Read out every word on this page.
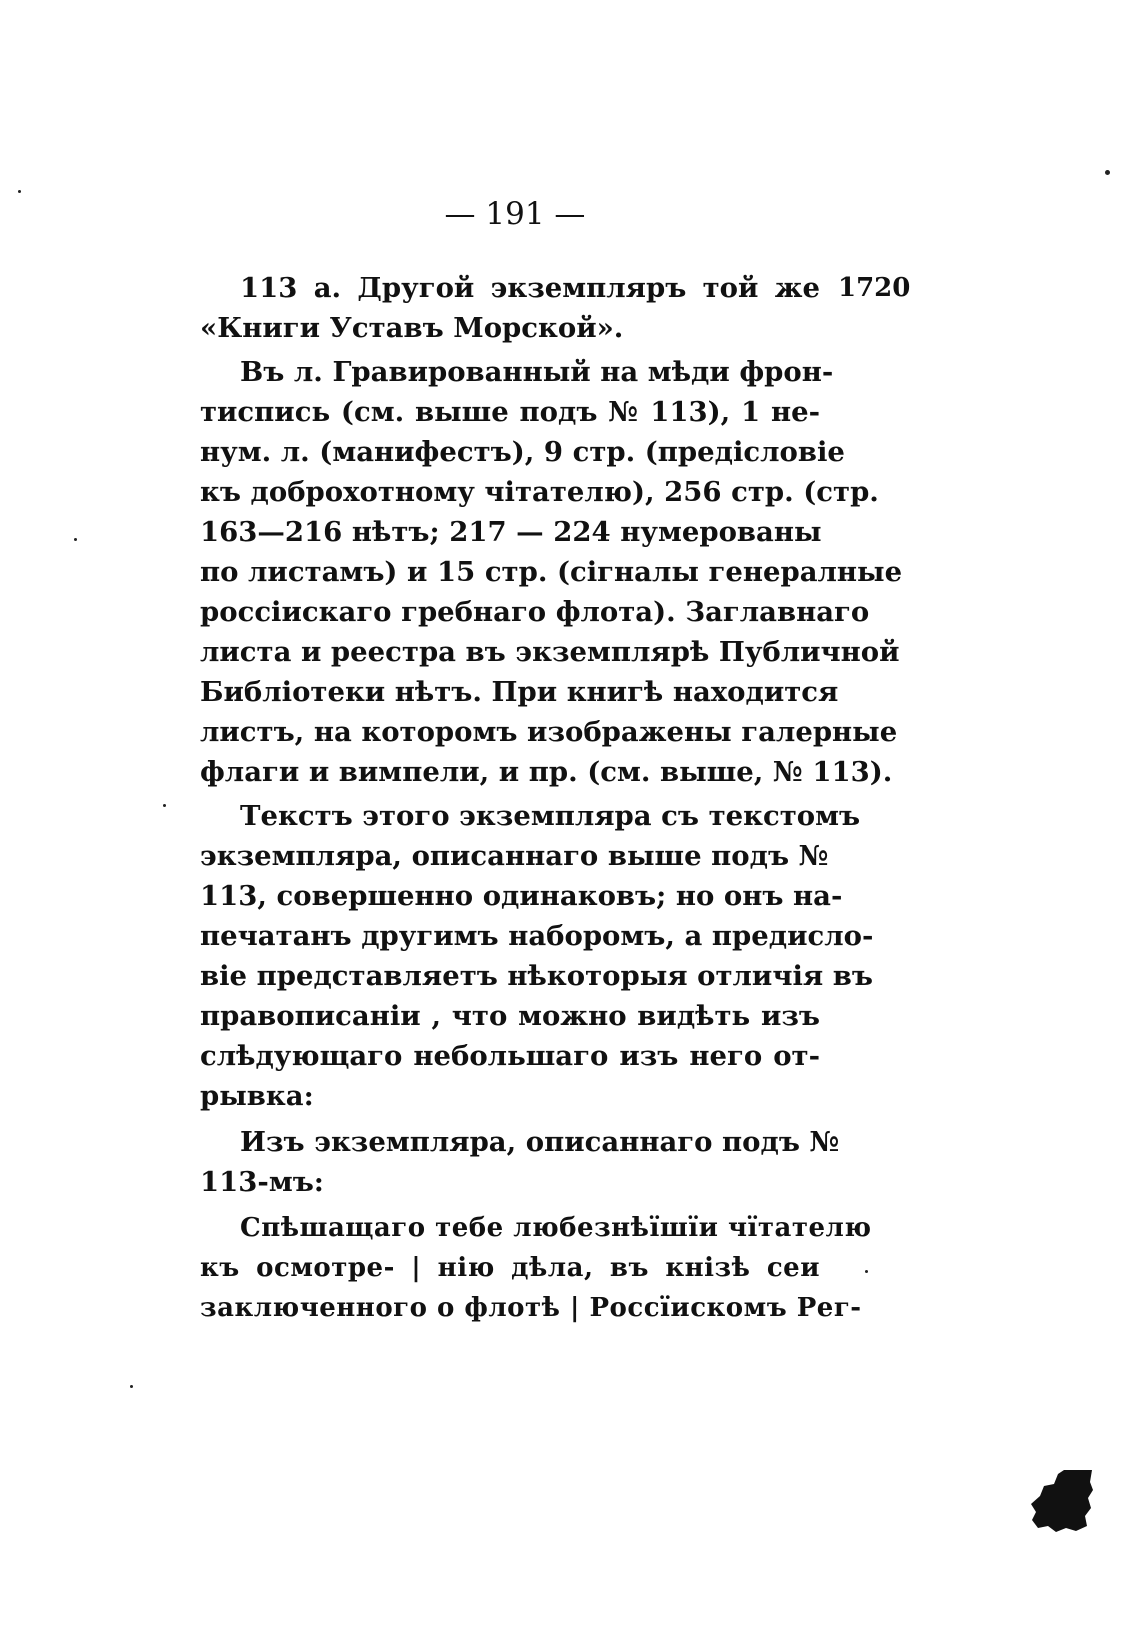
— 191 —
1720
113 а. Другой экземпляръ той же
«Книги Уставъ Морской».
Въ л. Гравированный на мѣди фрон-
тиспись (см. выше подъ № 113), 1 не-
нум. л. (манифестъ), 9 стр. (предісловіе
къ доброхотному чітателю), 256 стр. (стр.
163—216 нѣтъ; 217 — 224 нумерованы
по листамъ) и 15 стр. (сігналы генералные
россіискаго гребнаго флота). Заглавнаго
листа и реестра въ экземплярѣ Публичной
Библіотеки нѣтъ. При книгѣ находится
листъ, на которомъ изображены галерные
флаги и вимпели, и пр. (см. выше, № 113).
Текстъ этого экземпляра съ текстомъ
экземпляра, описаннаго выше подъ №
113, совершенно одинаковъ; но онъ на-
печатанъ другимъ наборомъ, а предисло-
віе представляетъ нѣкоторыя отличія въ
правописаніи , что можно видѣть изъ
слѣдующаго небольшаго изъ него от-
рывка:
Изъ экземпляра, описаннаго подъ №
113-мъ:
Спѣшащаго тебе любезнѣїшїи чїтателю
къ осмотре- | нію дѣла, въ кнізѣ сеи
заключенного о флотѣ | Россїискомъ Рег-
